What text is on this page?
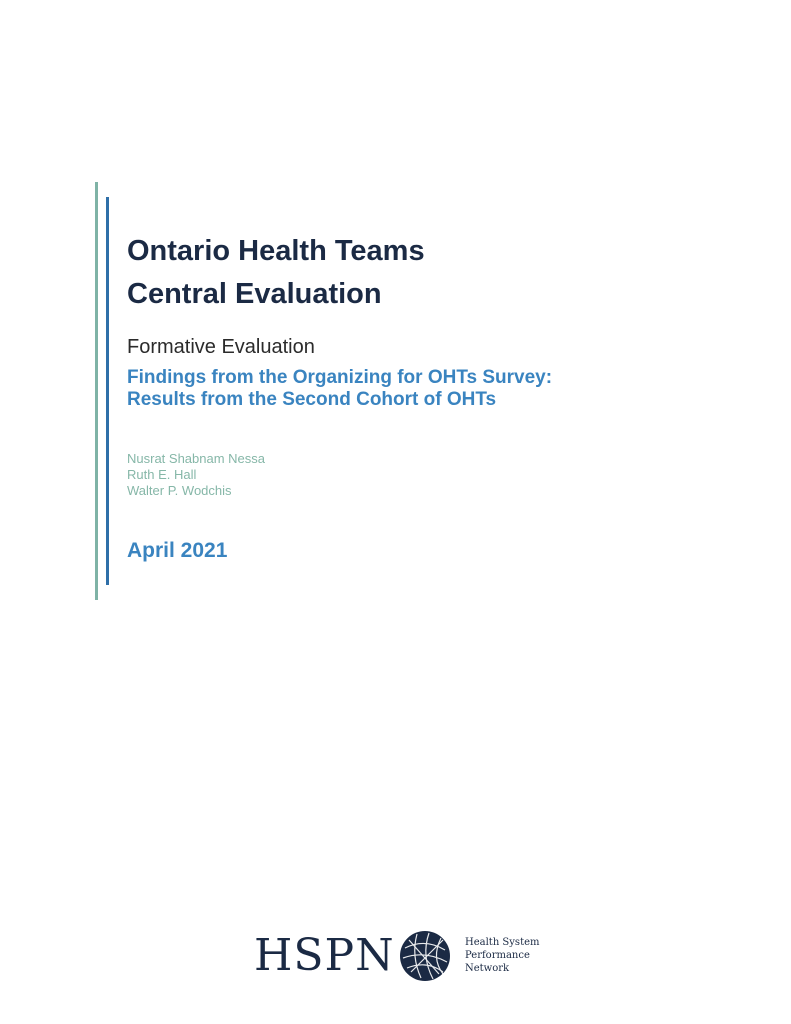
Ontario Health Teams
Central Evaluation
Formative Evaluation
Findings from the Organizing for OHTs Survey:
Results from the Second Cohort of OHTs
Nusrat Shabnam Nessa
Ruth E. Hall
Walter P. Wodchis
April 2021
HSPN	Health System
Performance
Network
